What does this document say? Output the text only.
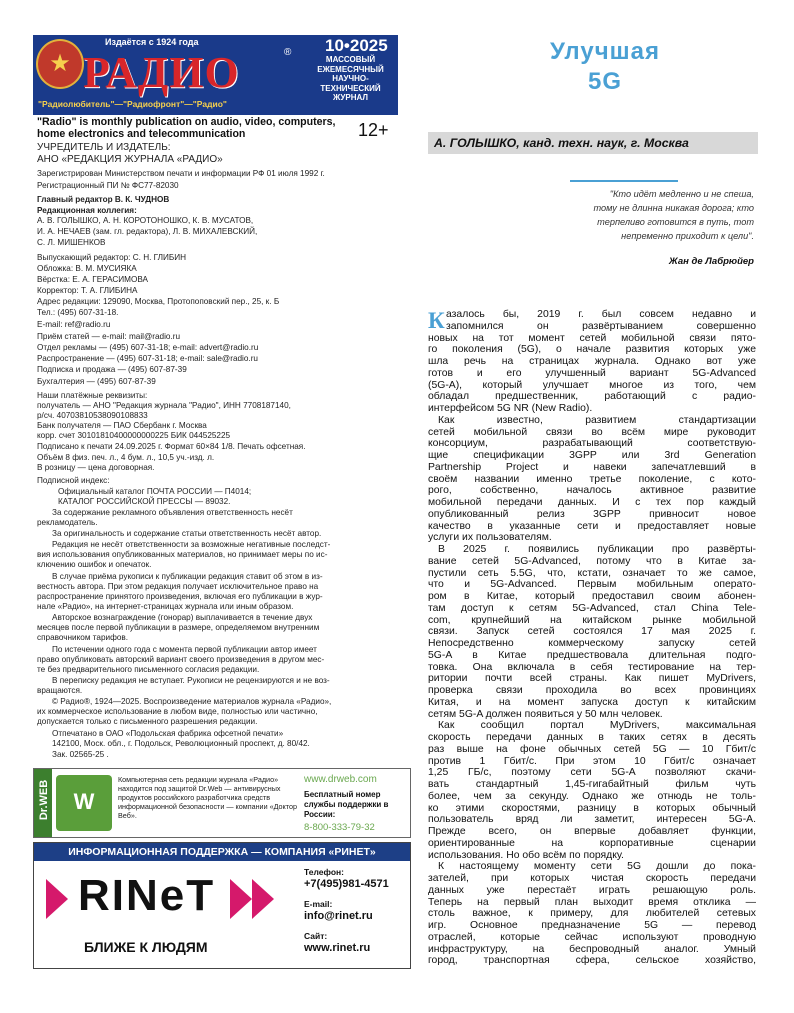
★
Издаётся с 1924 года	10•2025
РАДИО	®
МАССОВЫЙ
ЕЖЕМЕСЯЧНЫЙ
НАУЧНО-ТЕХНИЧЕСКИЙ
ЖУРНАЛ
"Радиолюбитель"—"Радиофронт"—"Радио"
"Radio" is monthly publication on audio, video, computers, home electronics and telecommunication	12+
УЧРЕДИТЕЛЬ И ИЗДАТЕЛЬ:
АНО «РЕДАКЦИЯ ЖУРНАЛА «РАДИО»
Зарегистрирован Министерством печати и информации РФ 01 июля 1992 г.
Регистрационный ПИ № ФС77-82030
Главный редактор В. К. ЧУДНОВ
Редакционная коллегия:
А. В. ГОЛЫШКО, А. Н. КОРОТОНОШКО, К. В. МУСАТОВ,
И. А. НЕЧАЕВ (зам. гл. редактора), Л. В. МИХАЛЕВСКИЙ,
С. Л. МИШЕНКОВ
Выпускающий редактор: С. Н. ГЛИБИН
Обложка: В. М. МУСИЯКА
Вёрстка: Е. А. ГЕРАСИМОВА
Корректор: Т. А. ГЛИБИНА
Адрес редакции: 129090, Москва, Протопоповский пер., 25, к. Б
Тел.: (495) 607-31-18.
E-mail: ref@radio.ru
Приём статей — e-mail: mail@radio.ru
Отдел рекламы — (495) 607-31-18; e-mail: advert@radio.ru
Распространение — (495) 607-31-18; e-mail: sale@radio.ru
Подписка и продажа — (495) 607-87-39
Бухгалтерия — (495) 607-87-39
Наши платёжные реквизиты:
получатель — АНО "Редакция журнала "Радио", ИНН 7708187140,
р/сч. 40703810538090108833
Банк получателя — ПАО Сбербанк г. Москва
корр. счет 30101810400000000225 БИК 044525225
Подписано к печати 24.09.2025 г. Формат 60×84 1/8. Печать офсетная.
Объём 8 физ. печ. л., 4 бум. л., 10,5 уч.-изд. л.
В розницу — цена договорная.
Подписной индекс:
Официальный каталог ПОЧТА РОССИИ — П4014;
КАТАЛОГ РОССИЙСКОЙ ПРЕССЫ — 89032.
За содержание рекламного объявления ответственность несёт
рекламодатель.
За оригинальность и содержание статьи ответственность несёт автор.
Редакция не несёт ответственности за возможные негативные последст-
вия использования опубликованных материалов, но принимает меры по ис-
ключению ошибок и опечаток.
В случае приёма рукописи к публикации редакция ставит об этом в из-
вестность автора. При этом редакция получает исключительное право на
распространение принятого произведения, включая его публикации в жур-
нале «Радио», на интернет-страницах журнала или иным образом.
Авторское вознаграждение (гонорар) выплачивается в течение двух
месяцев после первой публикации в размере, определяемом внутренним
справочником тарифов.
По истечении одного года с момента первой публикации автор имеет
право опубликовать авторский вариант своего произведения в другом мес-
те без предварительного письменного согласия редакции.
В переписку редакция не вступает. Рукописи не рецензируются и не воз-
вращаются.
© Радио®, 1924—2025. Воспроизведение материалов журнала «Радио»,
их коммерческое использование в любом виде, полностью или частично,
допускается только с письменного разрешения редакции.
Отпечатано в ОАО «Подольская фабрика офсетной печати»
142100, Моск. обл., г. Подольск, Революционный проспект, д. 80/42.
Зак. 02565-25 .
Dr.WEB	W
Компьютерная сеть редакции журнала «Радио» находится под защитой Dr.Web — антивирусных продуктов российского разработчика средств информационной безопасности — компании «Доктор Веб».
www.drweb.com
Бесплатный номер службы поддержки в России:
8-800-333-79-32
ИНФОРМАЦИОННАЯ ПОДДЕРЖКА — КОМПАНИЯ «РИНЕТ»
RINeT
БЛИЖЕ К ЛЮДЯМ
Телефон:
+7(495)981-4571
E-mail:
info@rinet.ru
Сайт:
www.rinet.ru
Улучшая
5G
А. ГОЛЫШКО, канд. техн. наук, г. Москва
"Кто идёт медленно и не спеша,
тому не длинна никакая дорога; кто
терпеливо готовится в путь, тот
непременно приходит к цели".
Жан де Лабрюйер
К азалось бы, 2019 г. был совсем недавно и
запомнился он развёртыванием совершенно
новых на тот момент сетей мобильной связи пято-
го поколения (5G), о начале развития которых уже
шла речь на страницах журнала. Однако вот уже
готов и его улучшенный вариант 5G-Advanced
(5G-A), который улучшает многое из того, чем
обладал предшественник, работающий с радио-
интерфейсом 5G NR (New Radio).
Как известно, развитием стандартизации
сетей мобильной связи во всём мире руководит
консорциум, разрабатывающий соответствую-
щие спецификации 3GPP или 3rd Generation
Partnership Project и навеки запечатлевший в
своём названии именно третье поколение, с кото-
рого, собственно, началось активное развитие
мобильной передачи данных. И с тех пор каждый
опубликованный релиз 3GPP привносит новое
качество в указанные сети и предоставляет новые
услуги их пользователям.
В 2025 г. появились публикации про развёрты-
вание сетей 5G-Advanced, потому что в Китае за-
пустили сеть 5.5G, что, кстати, означает то же самое,
что и 5G-Advanced. Первым мобильным операто-
ром в Китае, который предоставил своим абонен-
там доступ к сетям 5G-Advanced, стал China Tele-
com, крупнейший на китайском рынке мобильной
связи. Запуск сетей состоялся 17 мая 2025 г.
Непосредственно коммерческому запуску сетей
5G-A в Китае предшествовала длительная подго-
товка. Она включала в себя тестирование на тер-
ритории почти всей страны. Как пишет MyDrivers,
проверка связи проходила во всех провинциях
Китая, и на момент запуска доступ к китайским
сетям 5G-A должен появиться у 50 млн человек.
Как сообщил портал MyDrivers, максимальная
скорость передачи данных в таких сетях в десять
раз выше на фоне обычных сетей 5G — 10 Гбит/с
против 1 Гбит/с. При этом 10 Гбит/с означает
1,25 ГБ/с, поэтому сети 5G-A позволяют скачи-
вать стандартный 1,45-гигабайтный фильм чуть
более, чем за секунду. Однако же отнюдь не толь-
ко этими скоростями, разницу в которых обычный
пользователь вряд ли заметит, интересен 5G-A.
Прежде всего, он впервые добавляет функции,
ориентированные на корпоративные сценарии
использования. Но обо всём по порядку.
К настоящему моменту сети 5G дошли до пока-
зателей, при которых чистая скорость передачи
данных уже перестаёт играть решающую роль.
Теперь на первый план выходит время отклика —
столь важное, к примеру, для любителей сетевых
игр. Основное предназначение 5G — перевод
отраслей, которые сейчас используют проводную
инфраструктуру, на беспроводный аналог. Умный
город, транспортная сфера, сельское хозяйство,
